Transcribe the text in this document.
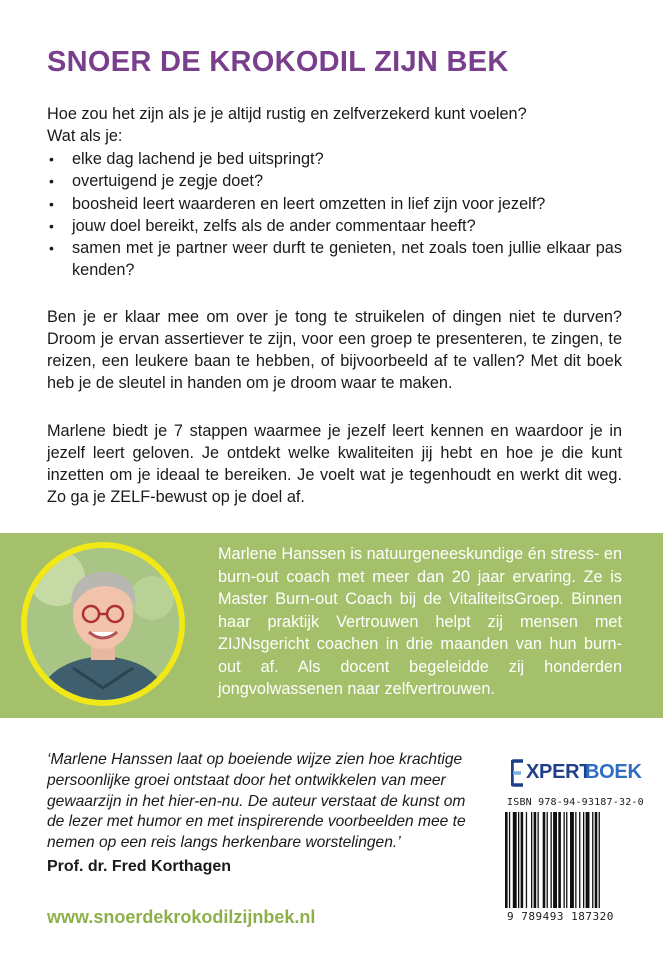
SNOER DE KROKODIL ZIJN BEK

Hoe zou het zijn als je je altijd rustig en zelfverzekerd kunt voelen?

Wat als je:

• elke dag lachend je bed uitspringt?
• overtuigend je zegje doet?
• boosheid leert waarderen en leert omzetten in lief zijn voor jezelf?
• jouw doel bereikt, zelfs als de ander commentaar heeft?
• samen met je partner weer durft te genieten, net zoals toen jullie elkaar pas kenden?

Ben je er klaar mee om over je tong te struikelen of dingen niet te durven? Droom je ervan assertiever te zijn, voor een groep te presenteren, te zingen, te reizen, een leukere baan te hebben, of bijvoorbeeld af te vallen? Met dit boek heb je de sleutel in handen om je droom waar te maken.

Marlene biedt je 7 stappen waarmee je jezelf leert kennen en waardoor je in jezelf leert geloven. Je ontdekt welke kwaliteiten jij hebt en hoe je die kunt inzetten om je ideaal te bereiken. Je voelt wat je tegenhoudt en werkt dit weg. Zo ga je ZELF-bewust op je doel af.

Marlene Hanssen is natuurgeneeskundige én stress- en burn-out coach met meer dan 20 jaar ervaring. Ze is Master Burn-out Coach bij de VitaliteitsGroep. Binnen haar praktijk Vertrouwen helpt zij mensen met ZIJNsgericht coachen in drie maanden van hun burn-out af. Als docent begeleidde zij honderden jongvolwassenen naar zelfvertrouwen.

‘Marlene Hanssen laat op boeiende wijze zien hoe krachtige persoonlijke groei ontstaat door het ontwikkelen van meer gewaarzijn in het hier-en-nu. De auteur verstaat de kunst om de lezer met humor en met inspirerende voorbeelden mee te nemen op een reis langs herkenbare worstelingen.’

Prof. dr. Fred Korthagen

www.snoerdekrokodilzijnbek.nl

XPERT
BOEK
ISBN 978-94-93187-32-0
9 789493 187320
